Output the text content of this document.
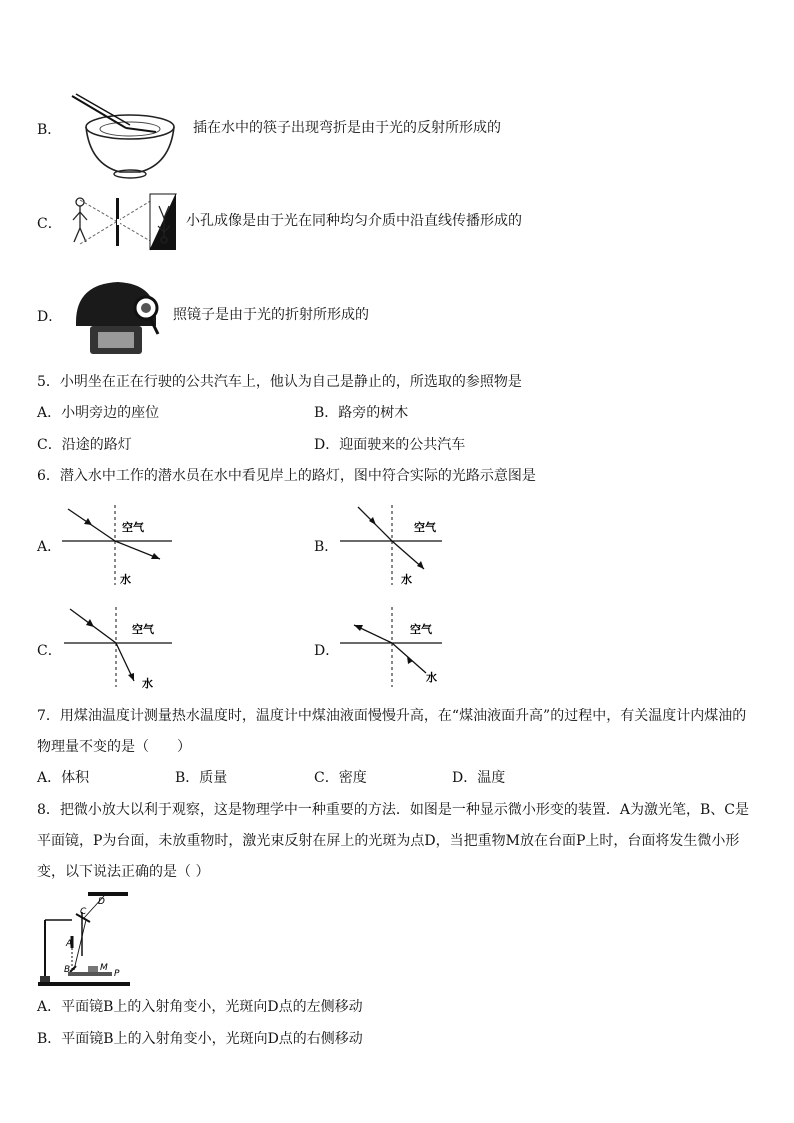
B．	插在水中的筷子出现弯折是由于光的反射所形成的
C．	小孔成像是由于光在同种均匀介质中沿直线传播形成的
D．	照镜子是由于光的折射所形成的
5．小明坐在正在行驶的公共汽车上，他认为自己是静止的，所选取的参照物是
A．小明旁边的座位	B．路旁的树木
C．沿途的路灯	D．迎面驶来的公共汽车
6．潜入水中工作的潜水员在水中看见岸上的路灯，图中符合实际的光路示意图是
A．
空气
水
B．
空气
水
C．
空气
水
D．
空气
水
7．用煤油温度计测量热水温度时，温度计中煤油液面慢慢升高，在“煤油液面升高”的过程中，有关温度计内煤油的
物理量不变的是（　　）
A．体积	B．质量	C．密度	D．温度
8．把微小放大以利于观察，这是物理学中一种重要的方法．如图是一种显示微小形变的装置．A为激光笔，B、C是
平面镜，P为台面，未放重物时，激光束反射在屏上的光斑为点D，当把重物M放在台面P上时，台面将发生微小形
变，以下说法正确的是（ ）
D
C
A
B	M
P
A．平面镜B上的入射角变小，光斑向D点的左侧移动
B．平面镜B上的入射角变小，光斑向D点的右侧移动
